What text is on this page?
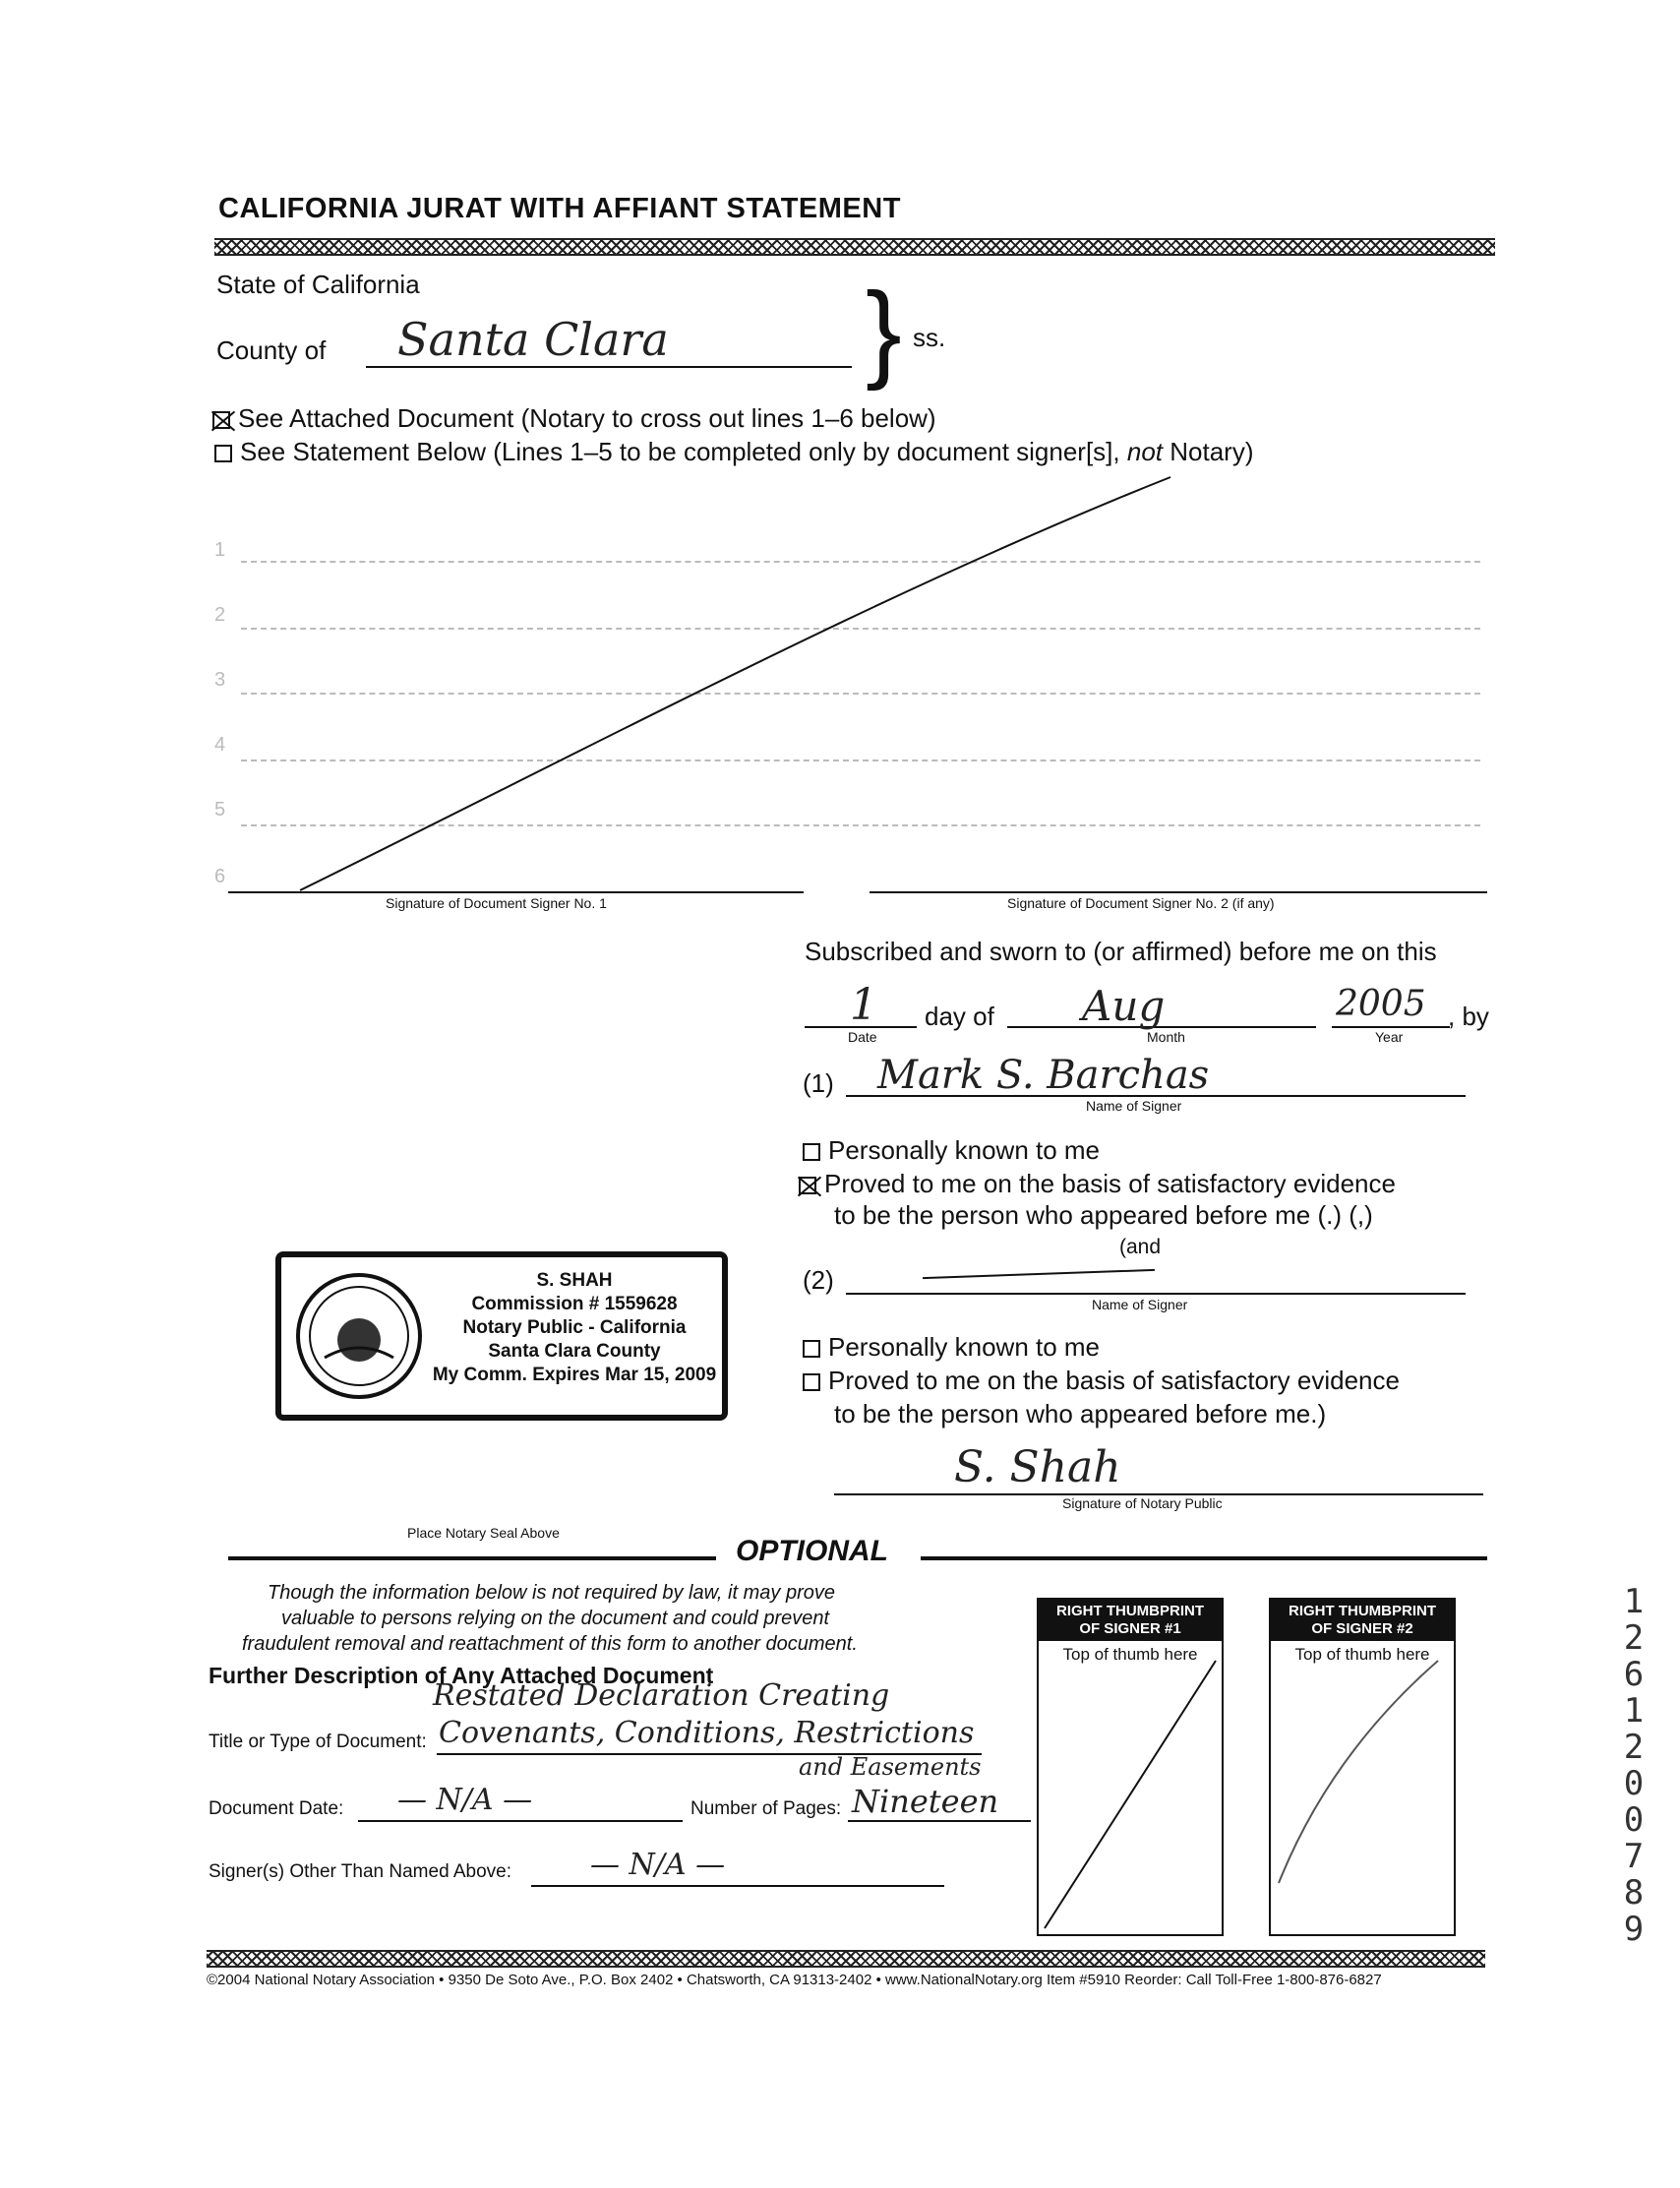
CALIFORNIA JURAT WITH AFFIANT STATEMENT
State of California
County of Santa Clara } ss.
See Attached Document (Notary to cross out lines 1–6 below)
See Statement Below (Lines 1–5 to be completed only by document signer[s], not Notary)
1
2
3
4
5
6
Signature of Document Signer No. 1	Signature of Document Signer No. 2 (if any)
Subscribed and sworn to (or affirmed) before me on this
1 day of Aug	2005 , by
Date	Month	Year
(1) Mark S. Barchas
Name of Signer
Personally known to me
Proved to me on the basis of satisfactory evidence
to be the person who appeared before me (.) (,)
(and
(2)
Name of Signer
Personally known to me
Proved to me on the basis of satisfactory evidence
to be the person who appeared before me.)
S. Shah
Signature of Notary Public
S. SHAH
Commission # 1559628
Notary Public - California
Santa Clara County
My Comm. Expires Mar 15, 2009
Place Notary Seal Above
OPTIONAL
Though the information below is not required by law, it may prove
valuable to persons relying on the document and could prevent
fraudulent removal and reattachment of this form to another document.
Further Description of Any Attached Document
Restated Declaration Creating
Title or Type of Document: Covenants, Conditions, Restrictions
and Easements
Document Date: — N/A —	Number of Pages: Nineteen
Signer(s) Other Than Named Above:	— N/A —
RIGHT THUMBPRINT
OF SIGNER #1
Top of thumb here
RIGHT THUMBPRINT
OF SIGNER #2
Top of thumb here
©2004 National Notary Association • 9350 De Soto Ave., P.O. Box 2402 • Chatsworth, CA 91313-2402 • www.NationalNotary.org Item #5910 Reorder: Call Toll-Free 1-800-876-6827
1 2 6 1 2 0 0 7 8 9
